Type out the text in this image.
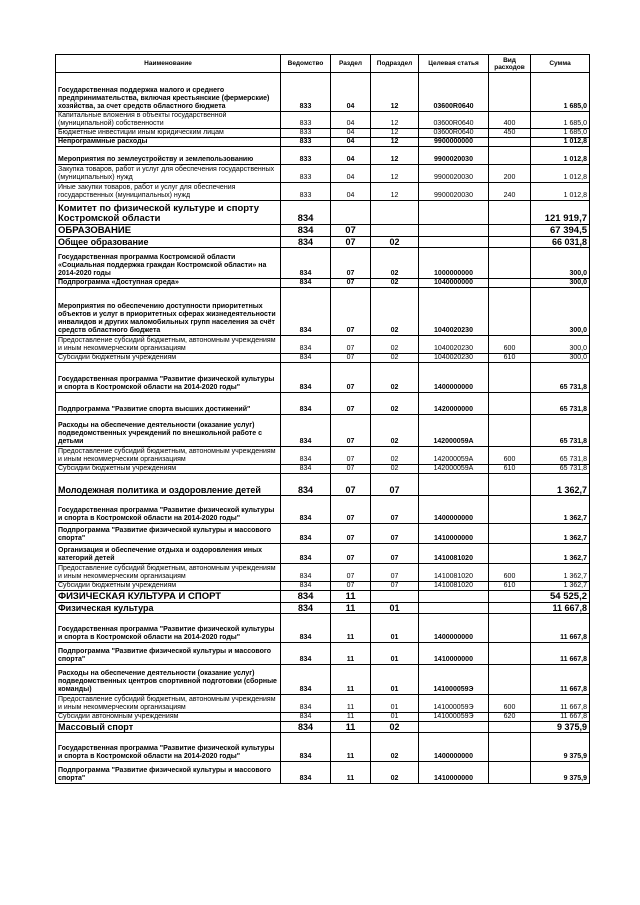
Наименование	Ведомство	Раздел	Подраздел	Целевая статья	Вид расходов	Сумма
Государственная поддержка малого и среднего предпринимательства, включая крестьянские (фермерские) хозяйства, за счет средств областного бюджета	833	04	12	03600R0640		1 685,0
Капитальные вложения в объекты государственной (муниципальной) собственности	833	04	12	03600R0640	400	1 685,0
Бюджетные инвестиции иным юридическим лицам	833	04	12	03600R0640	450	1 685,0
Непрограммные расходы	833	04	12	9900000000		1 012,8
Мероприятия по землеустройству и землепользованию	833	04	12	9900020030		1 012,8
Закупка товаров, работ и услуг для обеспечения государственных (муниципальных) нужд	833	04	12	9900020030	200	1 012,8
Иные закупки товаров, работ и услуг для обеспечения государственных (муниципальных) нужд	833	04	12	9900020030	240	1 012,8
Комитет по физической культуре и спорту Костромской области	834					121 919,7
ОБРАЗОВАНИЕ	834	07				67 394,5
Общее образование	834	07	02			66 031,8
Государственная программа Костромской области «Социальная поддержка граждан Костромской области» на 2014-2020 годы	834	07	02	1000000000		300,0
Подпрограмма «Доступная среда»	834	07	02	1040000000		300,0
Мероприятия по обеспечению доступности приоритетных объектов и услуг в приоритетных сферах жизнедеятельности инвалидов и других маломобильных групп населения за счёт средств областного бюджета	834	07	02	1040020230		300,0
Предоставление субсидий бюджетным, автономным учреждениям и иным некоммерческим организациям	834	07	02	1040020230	600	300,0
Субсидии бюджетным учреждениям	834	07	02	1040020230	610	300,0
Государственная программа "Развитие физической культуры и спорта в Костромской области на 2014-2020 годы"	834	07	02	1400000000		65 731,8
Подпрограмма "Развитие спорта высших достижений"	834	07	02	1420000000		65 731,8
Расходы на обеспечение деятельности (оказание услуг) подведомственных учреждений по внешкольной работе с детьми	834	07	02	142000059А		65 731,8
Предоставление субсидий бюджетным, автономным учреждениям и иным некоммерческим организациям	834	07	02	142000059А	600	65 731,8
Субсидии бюджетным учреждениям	834	07	02	142000059А	610	65 731,8
Молодежная политика и оздоровление детей	834	07	07			1 362,7
Государственная программа "Развитие физической культуры и спорта в Костромской области на 2014-2020 годы"	834	07	07	1400000000		1 362,7
Подпрограмма "Развитие физической культуры и массового спорта"	834	07	07	1410000000		1 362,7
Организация и обеспечение отдыха и оздоровления иных категорий детей	834	07	07	1410081020		1 362,7
Предоставление субсидий бюджетным, автономным учреждениям и иным некоммерческим организациям	834	07	07	1410081020	600	1 362,7
Субсидии бюджетным учреждениям	834	07	07	1410081020	610	1 362,7
ФИЗИЧЕСКАЯ КУЛЬТУРА И СПОРТ	834	11				54 525,2
Физическая культура	834	11	01			11 667,8
Государственная программа "Развитие физической культуры и спорта в Костромской области на 2014-2020 годы"	834	11	01	1400000000		11 667,8
Подпрограмма "Развитие физической культуры и массового спорта"	834	11	01	1410000000		11 667,8
Расходы на обеспечение деятельности (оказание услуг) подведомственных центров спортивной подготовки (сборные команды)	834	11	01	141000059Э		11 667,8
Предоставление субсидий бюджетным, автономным учреждениям и иным некоммерческим организациям	834	11	01	141000059Э	600	11 667,8
Субсидии автономным учреждениям	834	11	01	141000059Э	620	11 667,8
Массовый спорт	834	11	02			9 375,9
Государственная программа "Развитие физической культуры и спорта в Костромской области на 2014-2020 годы"	834	11	02	1400000000		9 375,9
Подпрограмма "Развитие физической культуры и массового спорта"	834	11	02	1410000000		9 375,9
